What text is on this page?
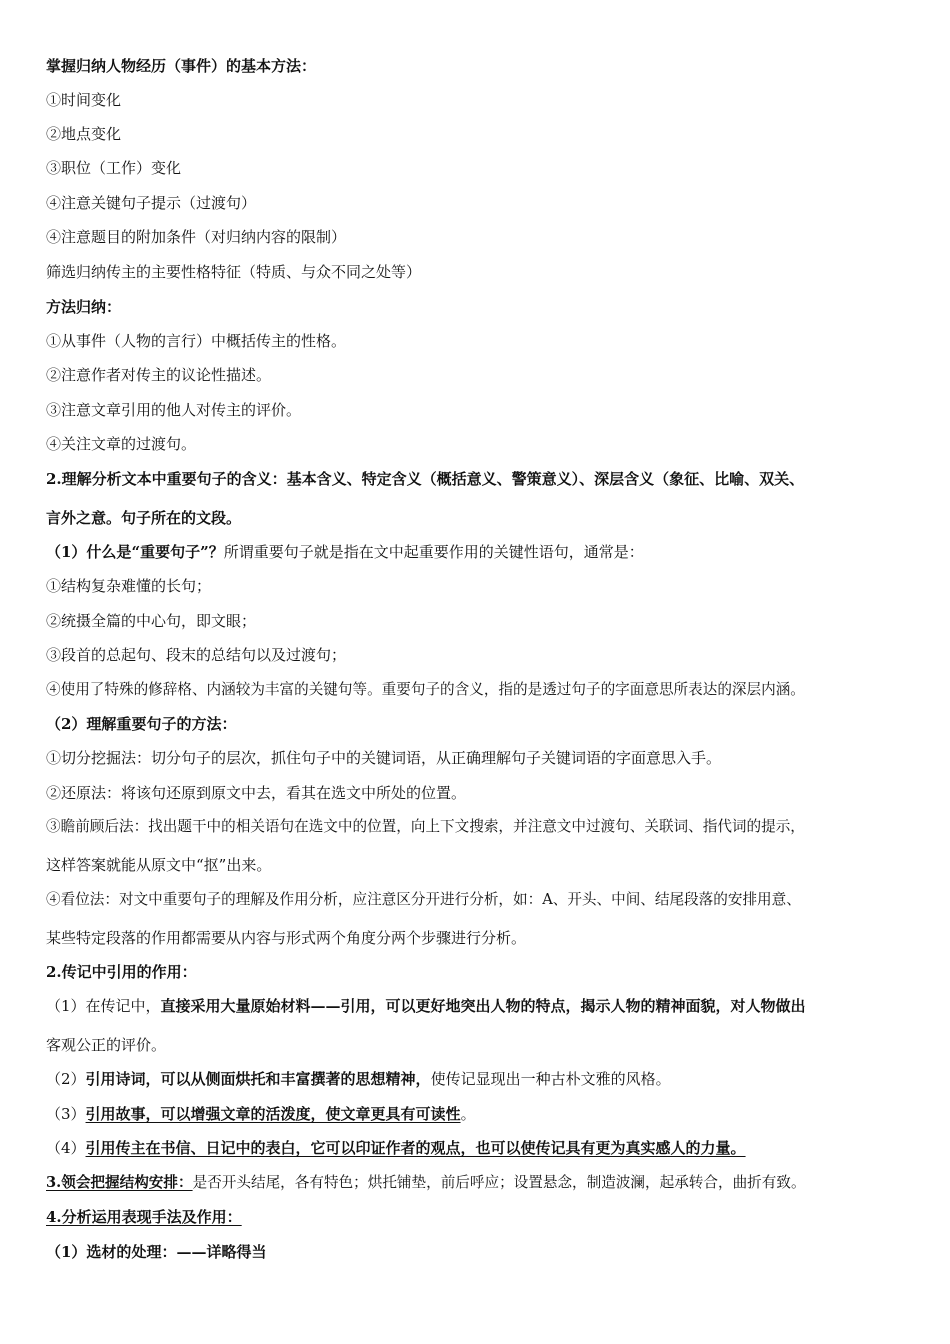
掌握归纳人物经历（事件）的基本方法：
①时间变化
②地点变化
③职位（工作）变化
④注意关键句子提示（过渡句）
④注意题目的附加条件（对归纳内容的限制）
筛选归纳传主的主要性格特征（特质、与众不同之处等）
方法归纳：
①从事件（人物的言行）中概括传主的性格。
②注意作者对传主的议论性描述。
③注意文章引用的他人对传主的评价。
④关注文章的过渡句。
2.理解分析文本中重要句子的含义：基本含义、特定含义（概括意义、警策意义）、深层含义（象征、比喻、双关、
言外之意。句子所在的文段。
（1）什么是“重要句子”？所谓重要句子就是指在文中起重要作用的关键性语句，通常是：
①结构复杂难懂的长句；
②统摄全篇的中心句，即文眼；
③段首的总起句、段末的总结句以及过渡句；
④使用了特殊的修辞格、内涵较为丰富的关键句等。重要句子的含义，指的是透过句子的字面意思所表达的深层内涵。
（2）理解重要句子的方法：
①切分挖掘法：切分句子的层次，抓住句子中的关键词语，从正确理解句子关键词语的字面意思入手。
②还原法：将该句还原到原文中去，看其在选文中所处的位置。
③瞻前顾后法：找出题干中的相关语句在选文中的位置，向上下文搜索，并注意文中过渡句、关联词、指代词的提示，
这样答案就能从原文中“抠”出来。
④看位法：对文中重要句子的理解及作用分析，应注意区分开进行分析，如：A、开头、中间、结尾段落的安排用意、
某些特定段落的作用都需要从内容与形式两个角度分两个步骤进行分析。
2.传记中引用的作用：
（1）在传记中，直接采用大量原始材料——引用，可以更好地突出人物的特点，揭示人物的精神面貌，对人物做出
客观公正的评价。
（2）引用诗词，可以从侧面烘托和丰富撰著的思想精神，使传记显现出一种古朴文雅的风格。
（3）引用故事，可以增强文章的活泼度，使文章更具有可读性。
（4）引用传主在书信、日记中的表白，它可以印证作者的观点，也可以使传记具有更为真实感人的力量。
3.领会把握结构安排：是否开头结尾，各有特色；烘托铺垫，前后呼应；设置悬念，制造波澜，起承转合，曲折有致。
4.分析运用表现手法及作用：
（1）选材的处理：——详略得当
